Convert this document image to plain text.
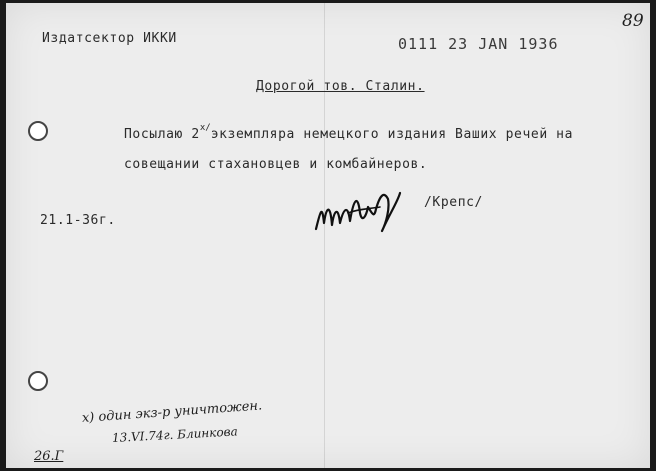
Издатсектор ИККИ	0111 23 JAN 1936
89
Дорогой тов. Сталин.
Посылаю $2^{x/}экземпляра$ немецкого издания Ваших речей на
совещании стахановцев и комбайнеров.
21.1-36г.
/Крепс/
x) один экз-р уничтожен.
13.VI.74г. Блинкова
26.Г
